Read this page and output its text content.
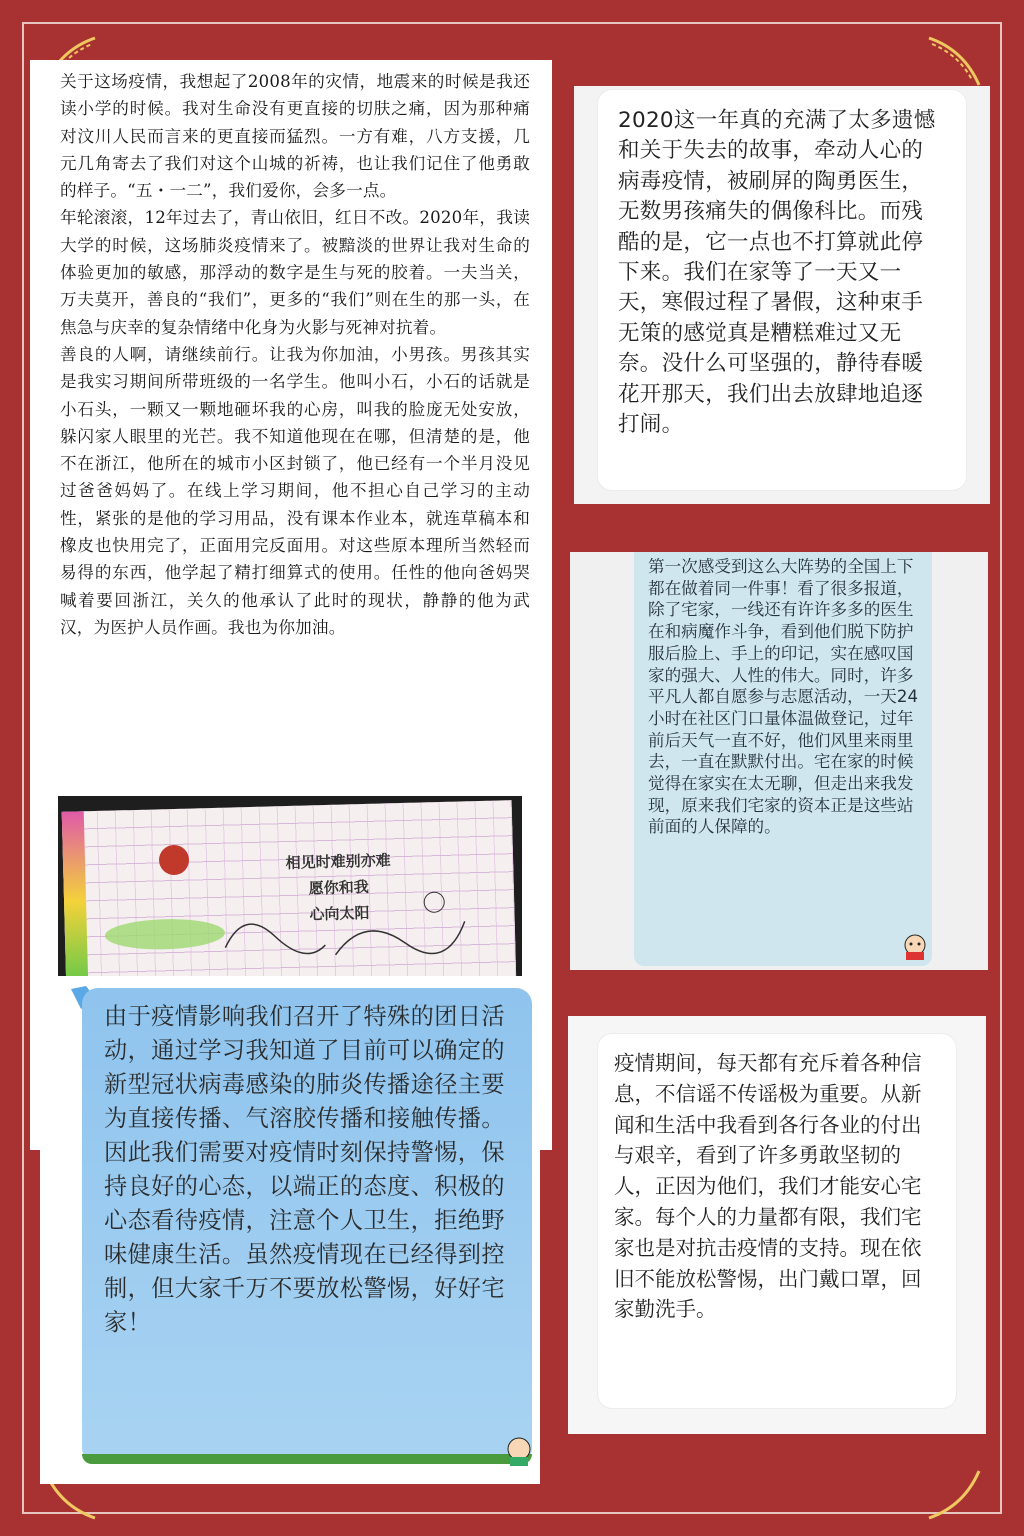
关于这场疫情，我想起了2008年的灾情，地震来的时候是我还读小学的时候。我对生命没有更直接的切肤之痛，因为那种痛对汶川人民而言来的更直接而猛烈。一方有难，八方支援，几元几角寄去了我们对这个山城的祈祷，也让我们记住了他勇敢的样子。“五・一二”，我们爱你，会多一点。

年轮滚滚，12年过去了，青山依旧，红日不改。2020年，我读大学的时候，这场肺炎疫情来了。被黯淡的世界让我对生命的体验更加的敏感，那浮动的数字是生与死的胶着。一夫当关，万夫莫开，善良的“我们”，更多的“我们”则在生的那一头，在焦急与庆幸的复杂情绪中化身为火影与死神对抗着。

善良的人啊，请继续前行。让我为你加油，小男孩。男孩其实是我实习期间所带班级的一名学生。他叫小石，小石的话就是小石头，一颗又一颗地砸坏我的心房，叫我的脸庞无处安放，躲闪家人眼里的光芒。我不知道他现在在哪，但清楚的是，他不在浙江，他所在的城市小区封锁了，他已经有一个半月没见过爸爸妈妈了。在线上学习期间，他不担心自己学习的主动性，紧张的是他的学习用品，没有课本作业本，就连草稿本和橡皮也快用完了，正面用完反面用。对这些原本理所当然轻而易得的东西，他学起了精打细算式的使用。任性的他向爸妈哭喊着要回浙江，关久的他承认了此时的现状，静静的他为武汉，为医护人员作画。我也为你加油。

相见时难别亦难
愿你和我
心向太阳
2020这一年真的充满了太多遗憾和关于失去的故事，牵动人心的病毒疫情，被刷屏的陶勇医生，无数男孩痛失的偶像科比。而残酷的是，它一点也不打算就此停下来。我们在家等了一天又一天，寒假过程了暑假，这种束手无策的感觉真是糟糕难过又无奈。没什么可坚强的，静待春暖花开那天，我们出去放肆地追逐打闹。
第一次感受到这么大阵势的全国上下都在做着同一件事！看了很多报道，除了宅家，一线还有许许多多的医生在和病魔作斗争，看到他们脱下防护服后脸上、手上的印记，实在感叹国家的强大、人性的伟大。同时，许多平凡人都自愿参与志愿活动，一天24小时在社区门口量体温做登记，过年前后天气一直不好，他们风里来雨里去，一直在默默付出。宅在家的时候觉得在家实在太无聊，但走出来我发现，原来我们宅家的资本正是这些站前面的人保障的。
由于疫情影响我们召开了特殊的团日活动，通过学习我知道了目前可以确定的新型冠状病毒感染的肺炎传播途径主要为直接传播、气溶胶传播和接触传播。因此我们需要对疫情时刻保持警惕，保持良好的心态，以端正的态度、积极的心态看待疫情，注意个人卫生，拒绝野味健康生活。虽然疫情现在已经得到控制，但大家千万不要放松警惕，好好宅家！
疫情期间，每天都有充斥着各种信息，不信谣不传谣极为重要。从新闻和生活中我看到各行各业的付出与艰辛，看到了许多勇敢坚韧的人，正因为他们，我们才能安心宅家。每个人的力量都有限，我们宅家也是对抗击疫情的支持。现在依旧不能放松警惕，出门戴口罩，回家勤洗手。
